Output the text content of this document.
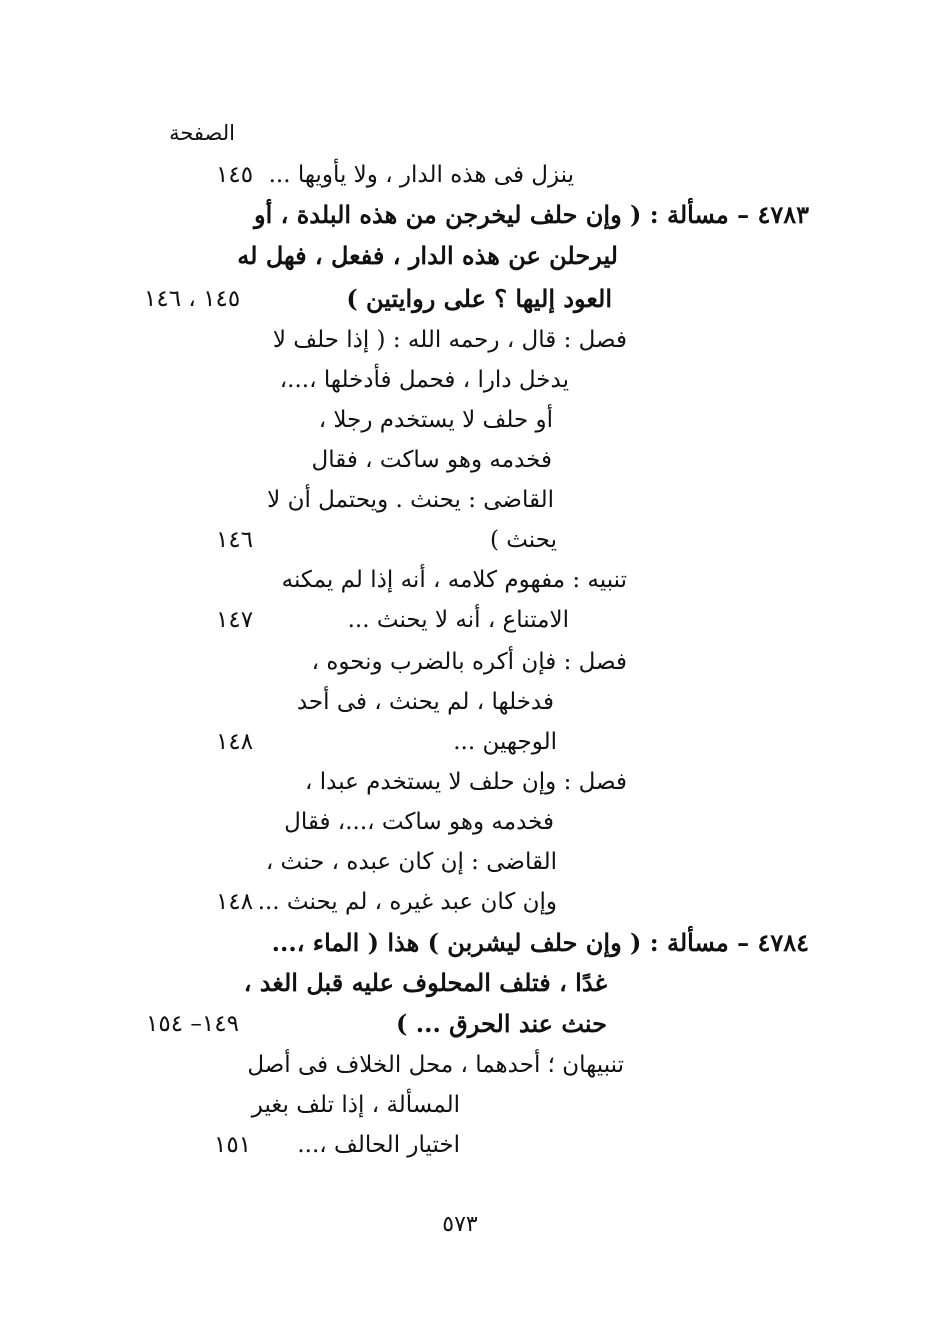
الصفحة
ينزل فى هذه الدار ، ولا يأويها ...
١٤٥
٤٧٨٣ – مسألة : ( وإن حلف ليخرجن من هذه البلدة ، أو
ليرحلن عن هذه الدار ، ففعل ، فهل له
العود إليها ؟ على روايتين )
١٤٥ ، ١٤٦
فصل : قال ، رحمه الله : ( إذا حلف لا
يدخل دارا ، فحمل فأدخلها ،...،
أو حلف لا يستخدم رجلا ،
فخدمه وهو ساكت ، فقال
القاضى : يحنث . ويحتمل أن لا
يحنث )
١٤٦
تنبيه : مفهوم كلامه ، أنه إذا لم يمكنه
الامتناع ، أنه لا يحنث ...
١٤٧
فصل : فإن أكره بالضرب ونحوه ،
فدخلها ، لم يحنث ، فى أحد
الوجهين ...
١٤٨
فصل : وإن حلف لا يستخدم عبدا ،
فخدمه وهو ساكت ،...، فقال
القاضى : إن كان عبده ، حنث ،
وإن كان عبد غيره ، لم يحنث ...
١٤٨
٤٧٨٤ – مسألة : ( وإن حلف ليشربن ) هذا ( الماء ،...
غدًا ، فتلف المحلوف عليه قبل الغد ،
حنث عند الحرق ... )
١٤٩– ١٥٤
تنبيهان ؛ أحدهما ، محل الخلاف فى أصل
المسألة ، إذا تلف بغير
اختيار الحالف ،...
١٥١
٥٧٣
